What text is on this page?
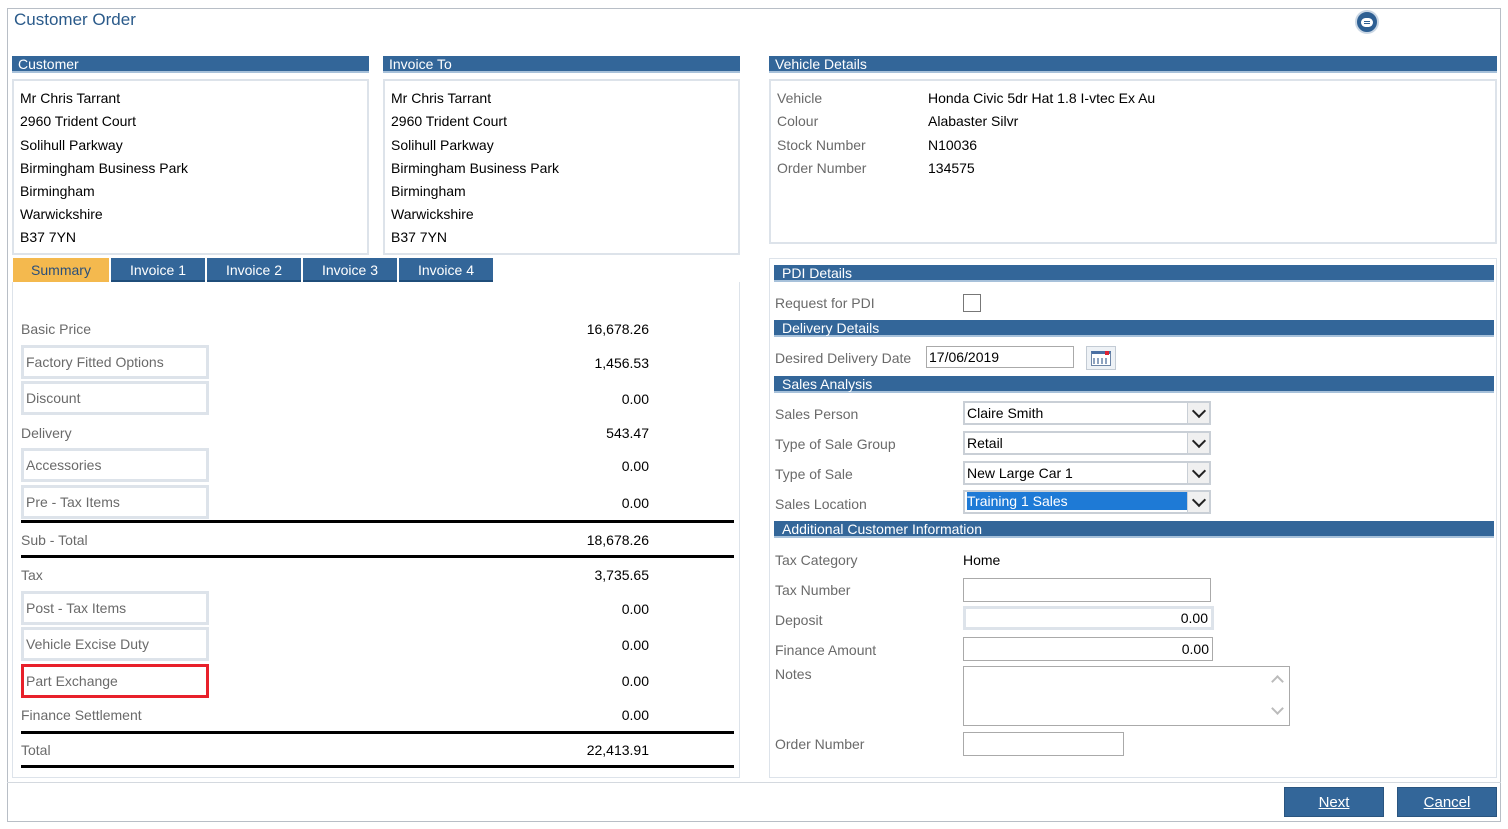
Customer Order
Customer
Mr Chris Tarrant
2960 Trident Court
Solihull Parkway
Birmingham Business Park
Birmingham
Warwickshire
B37 7YN
Invoice To
Mr Chris Tarrant
2960 Trident Court
Solihull Parkway
Birmingham Business Park
Birmingham
Warwickshire
B37 7YN
Vehicle Details
Vehicle	Honda Civic 5dr Hat 1.8 I-vtec Ex Au
Colour	Alabaster Silvr
Stock Number	N10036
Order Number	134575
Summary	Invoice 1	Invoice 2	Invoice 3	Invoice 4
Basic Price	16,678.26
Factory Fitted Options	1,456.53
Discount	0.00
Delivery	543.47
Accessories	0.00
Pre - Tax Items	0.00
Sub - Total	18,678.26
Tax	3,735.65
Post - Tax Items	0.00
Vehicle Excise Duty	0.00
Part Exchange	0.00
Finance Settlement	0.00
Total	22,413.91
PDI Details
Request for PDI
Delivery Details
Desired Delivery Date 17/06/2019
Sales Analysis
Sales Person	Claire Smith
Type of Sale Group	Retail
Type of Sale	New Large Car 1
Sales Location	Training 1 Sales
Additional Customer Information
Tax Category	Home
Tax Number
Deposit	0.00
Finance Amount	0.00
Notes
Order Number
Next	Cancel
